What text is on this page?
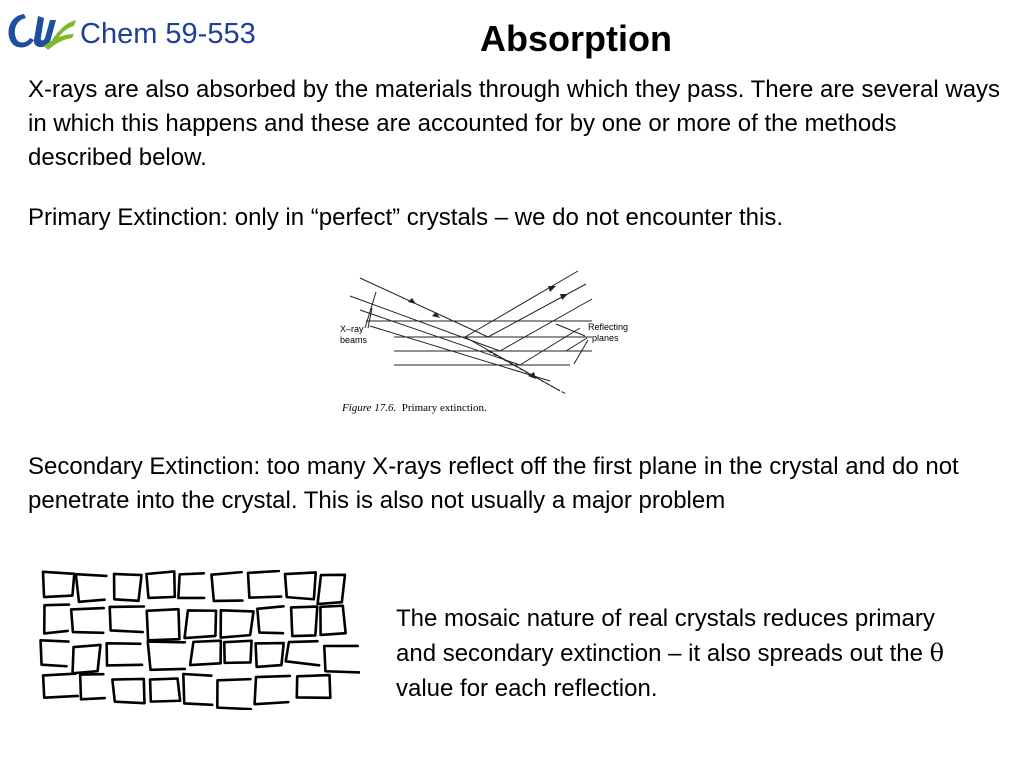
Chem 59-553	Absorption

X-rays are also absorbed by the materials through which they pass. There are several ways in which this happens and these are accounted for by one or more of the methods described below.

Primary Extinction: only in “perfect” crystals – we do not encounter this.

X–ray
beams
Reflecting
planes
Figure 17.6.  Primary extinction.

Secondary Extinction: too many X-rays reflect off the first plane in the crystal and do not penetrate into the crystal. This is also not usually a major problem

The mosaic nature of real crystals reduces primary and secondary extinction – it also spreads out the θ value for each reflection.
